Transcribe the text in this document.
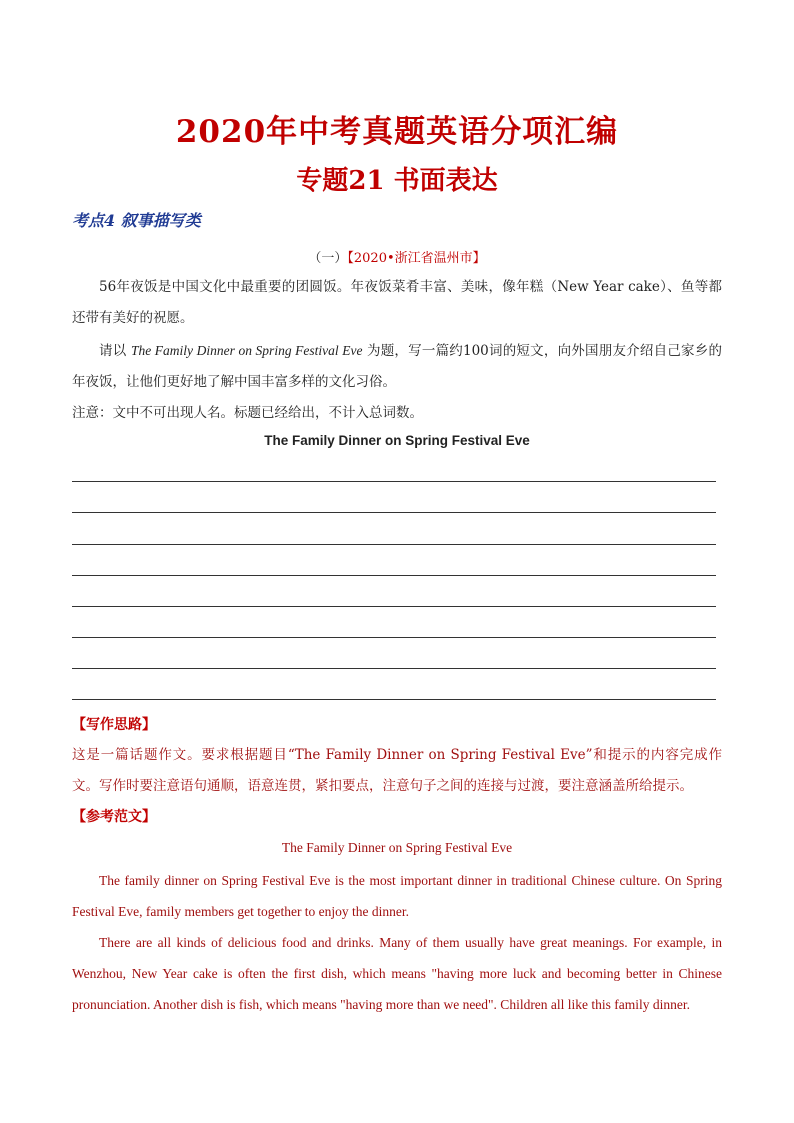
2020年中考真题英语分项汇编
专题21 书面表达
考点4 叙事描写类
（一）【2020•浙江省温州市】

56年夜饭是中国文化中最重要的团圆饭。年夜饭菜肴丰富、美味，像年糕（New Year cake）、鱼等都还带有美好的祝愿。

请以 The Family Dinner on Spring Festival Eve 为题，写一篇约100词的短文，向外国朋友介绍自己家乡的年夜饭，让他们更好地了解中国丰富多样的文化习俗。

注意：文中不可出现人名。标题已经给出，不计入总词数。

The Family Dinner on Spring Festival Eve
【写作思路】

这是一篇话题作文。要求根据题目“The Family Dinner on Spring Festival Eve”和提示的内容完成作文。写作时要注意语句通顺，语意连贯，紧扣要点，注意句子之间的连接与过渡，要注意涵盖所给提示。

【参考范文】
The Family Dinner on Spring Festival Eve

The family dinner on Spring Festival Eve is the most important dinner in traditional Chinese culture. On Spring Festival Eve, family members get together to enjoy the dinner.

There are all kinds of delicious food and drinks. Many of them usually have great meanings. For example, in Wenzhou, New Year cake is often the first dish, which means "having more luck and becoming better in Chinese pronunciation. Another dish is fish, which means "having more than we need". Children all like this family dinner.
